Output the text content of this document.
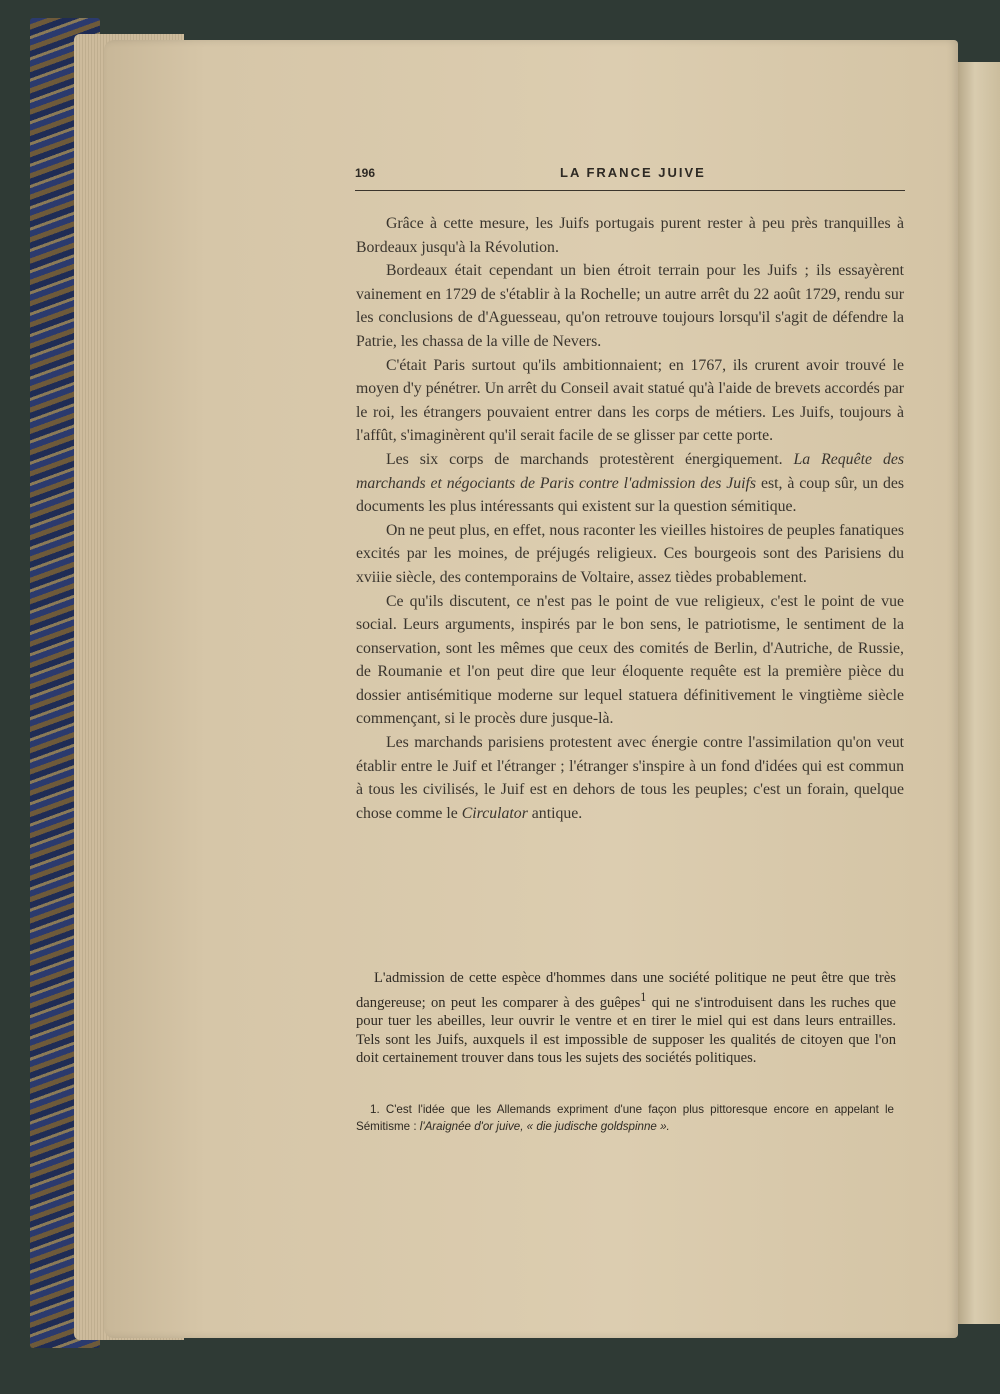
196	LA FRANCE JUIVE

Grâce à cette mesure, les Juifs portugais purent rester à peu près tranquilles à Bordeaux jusqu'à la Révolution.

Bordeaux était cependant un bien étroit terrain pour les Juifs ; ils essayèrent vainement en 1729 de s'établir à la Rochelle; un autre arrêt du 22 août 1729, rendu sur les conclusions de d'Aguesseau, qu'on retrouve toujours lorsqu'il s'agit de défendre la Patrie, les chassa de la ville de Nevers.

C'était Paris surtout qu'ils ambitionnaient; en 1767, ils crurent avoir trouvé le moyen d'y pénétrer. Un arrêt du Conseil avait statué qu'à l'aide de brevets accordés par le roi, les étrangers pouvaient entrer dans les corps de métiers. Les Juifs, toujours à l'affût, s'imaginèrent qu'il serait facile de se glisser par cette porte.

Les six corps de marchands protestèrent énergiquement. La Requête des marchands et négociants de Paris contre l'admission des Juifs est, à coup sûr, un des documents les plus intéressants qui existent sur la question sémitique.

On ne peut plus, en effet, nous raconter les vieilles histoires de peuples fanatiques excités par les moines, de préjugés religieux. Ces bourgeois sont des Parisiens du xviiie siècle, des contemporains de Voltaire, assez tièdes probablement.

Ce qu'ils discutent, ce n'est pas le point de vue religieux, c'est le point de vue social. Leurs arguments, inspirés par le bon sens, le patriotisme, le sentiment de la conservation, sont les mêmes que ceux des comités de Berlin, d'Autriche, de Russie, de Roumanie et l'on peut dire que leur éloquente requête est la première pièce du dossier antisémitique moderne sur lequel statuera définitivement le vingtième siècle commençant, si le procès dure jusque-là.

Les marchands parisiens protestent avec énergie contre l'assimilation qu'on veut établir entre le Juif et l'étranger ; l'étranger s'inspire à un fond d'idées qui est commun à tous les civilisés, le Juif est en dehors de tous les peuples; c'est un forain, quelque chose comme le Circulator antique.

L'admission de cette espèce d'hommes dans une société politique ne peut être que très dangereuse; on peut les comparer à des guêpes$^1$ qui ne s'introduisent dans les ruches que pour tuer les abeilles, leur ouvrir le ventre et en tirer le miel qui est dans leurs entrailles. Tels sont les Juifs, auxquels il est impossible de supposer les qualités de citoyen que l'on doit certainement trouver dans tous les sujets des sociétés politiques.

1. C'est l'idée que les Allemands expriment d'une façon plus pittoresque encore en appelant le Sémitisme : l'Araignée d'or juive, « die judische goldspinne ».
